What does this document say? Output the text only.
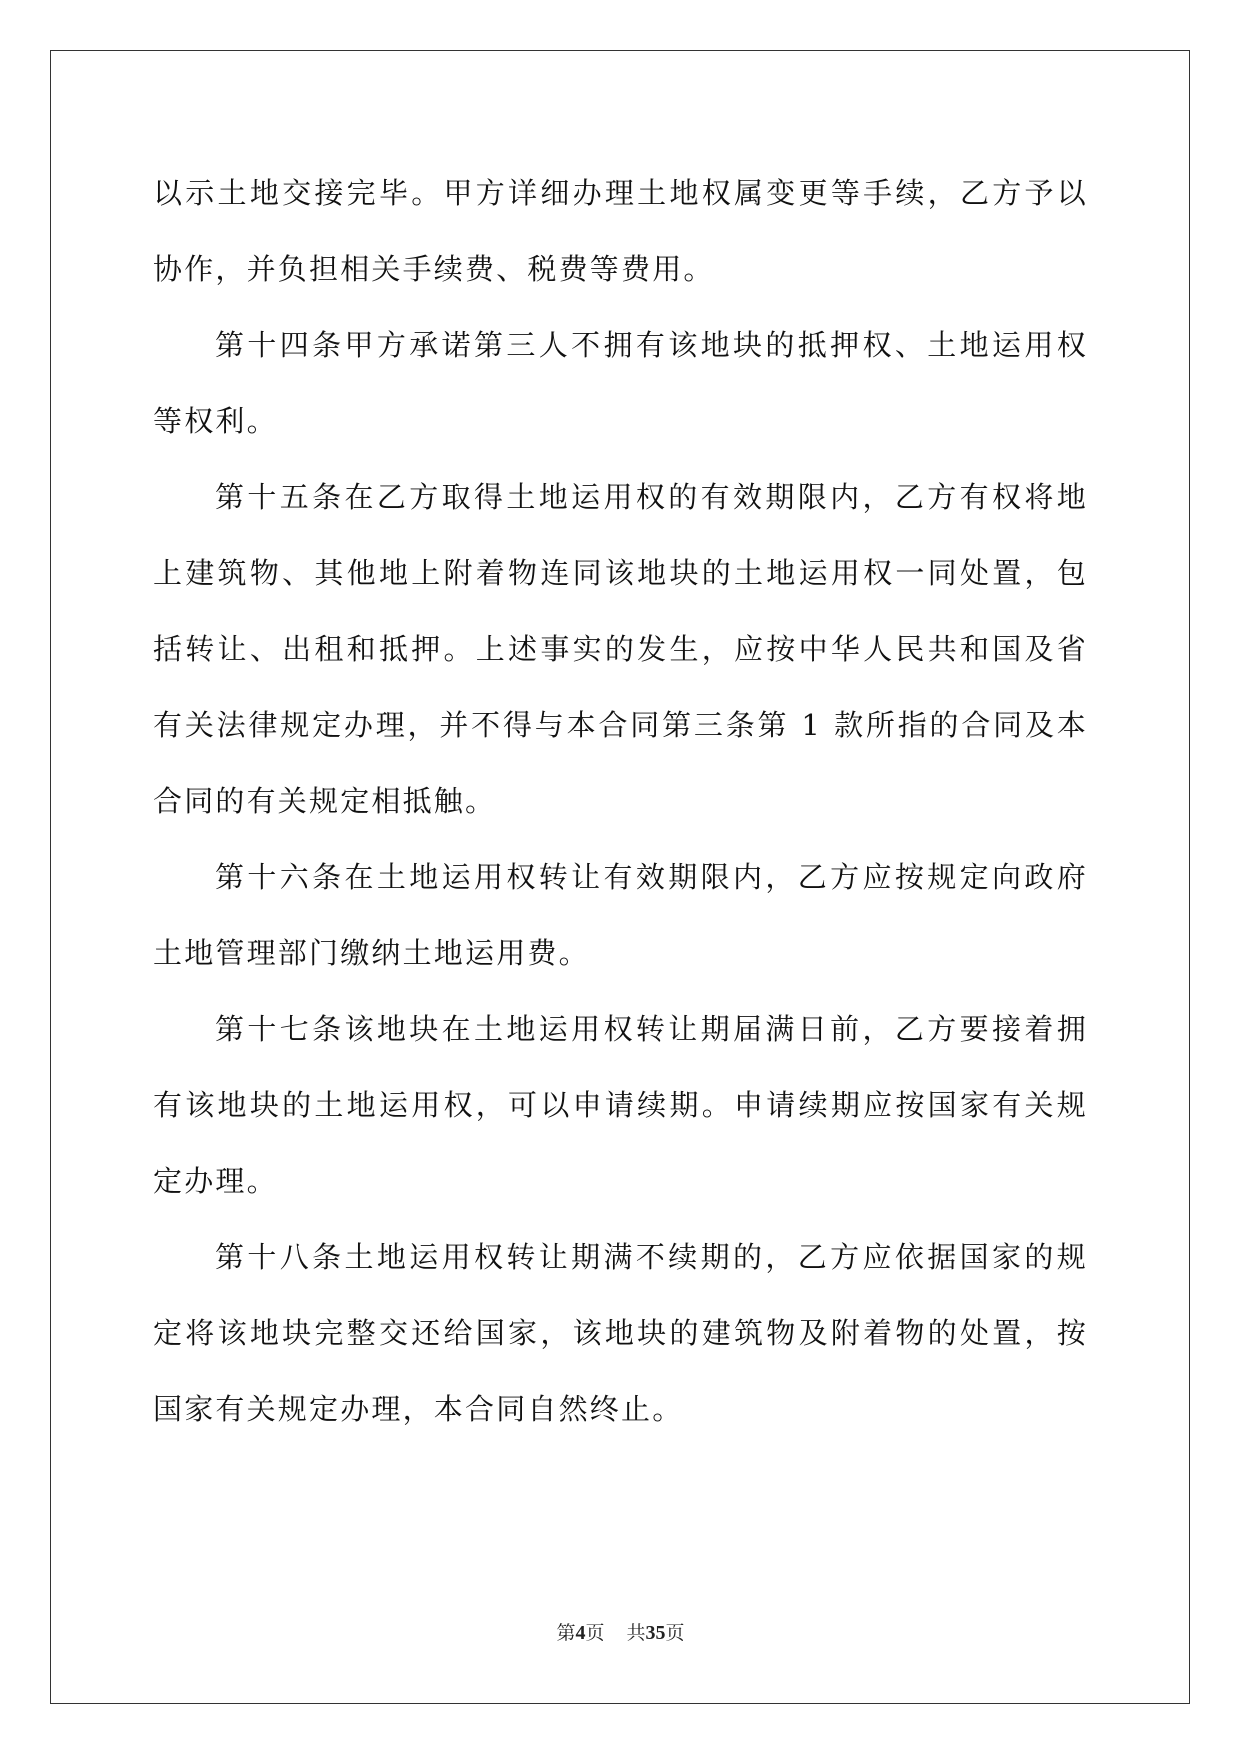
以示土地交接完毕。甲方详细办理土地权属变更等手续，乙方予以协作，并负担相关手续费、税费等费用。

第十四条甲方承诺第三人不拥有该地块的抵押权、土地运用权等权利。

第十五条在乙方取得土地运用权的有效期限内，乙方有权将地上建筑物、其他地上附着物连同该地块的土地运用权一同处置，包括转让、出租和抵押。上述事实的发生，应按中华人民共和国及省有关法律规定办理，并不得与本合同第三条第 1 款所指的合同及本合同的有关规定相抵触。

第十六条在土地运用权转让有效期限内，乙方应按规定向政府土地管理部门缴纳土地运用费。

第十七条该地块在土地运用权转让期届满日前，乙方要接着拥有该地块的土地运用权，可以申请续期。申请续期应按国家有关规定办理。

第十八条土地运用权转让期满不续期的，乙方应依据国家的规定将该地块完整交还给国家，该地块的建筑物及附着物的处置，按国家有关规定办理，本合同自然终止。

第4页 共35页
